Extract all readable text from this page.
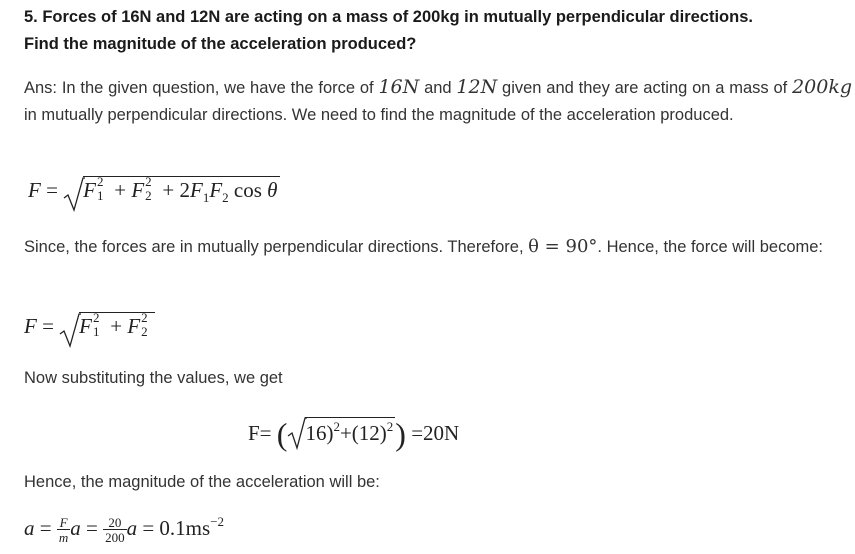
5. Forces of 16N and 12N are acting on a mass of 200kg in mutually perpendicular directions.
Find the magnitude of the acceleration produced?
Ans: In the given question, we have the force of 16N and 12N given and they are acting on a mass of 200kg in mutually perpendicular directions. We need to find the magnitude of the acceleration produced.
F = F 2
1 + F 2
$2 + 2F_1F_2$ cos θ
Since, the forces are in mutually perpendicular directions. Therefore, θ = 90°. Hence, the force will become:
F = F 2
1 + F 2
2
Now substituting the values, we get
F= ( $16)^2+(12)^2) =20N$
Hence, the magnitude of the acceleration will be:
$a = \frac{F}{m}$ $a = \frac{20}{200}$ $a = 0.1ms^{-2}$
